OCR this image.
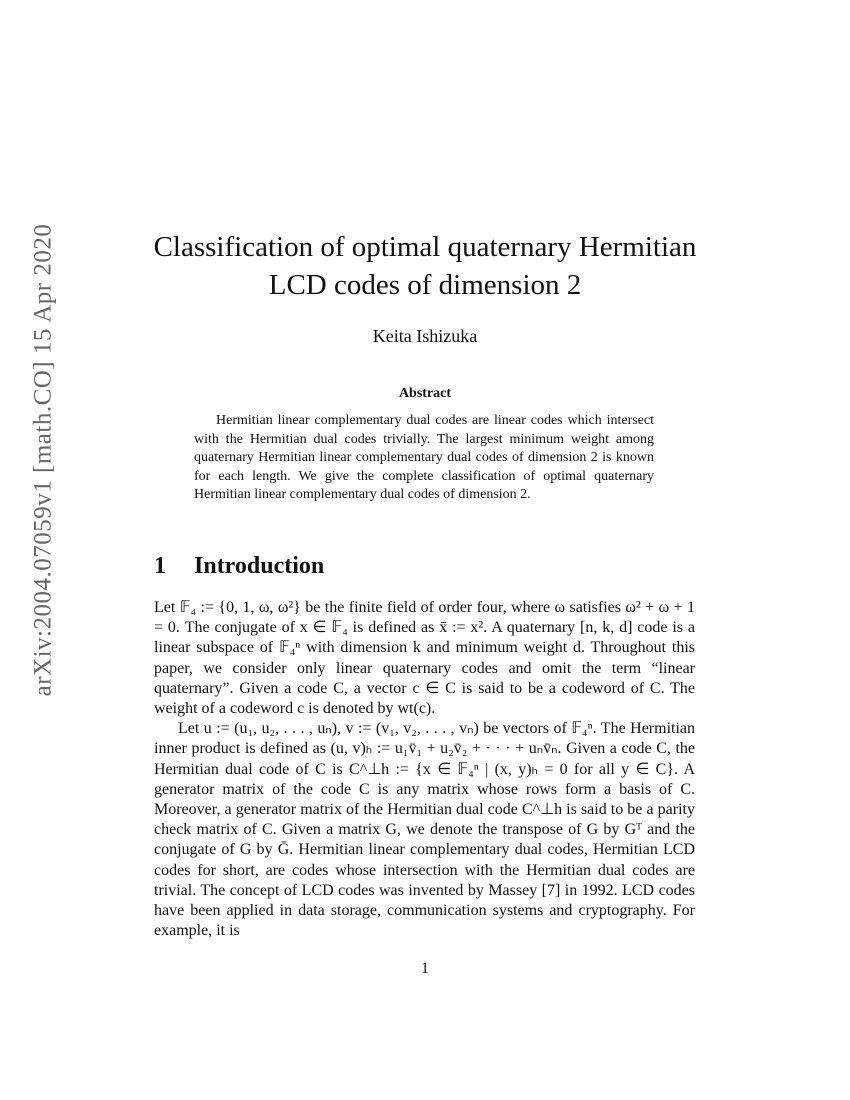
arXiv:2004.07059v1 [math.CO] 15 Apr 2020	Classification of optimal quaternary Hermitian
LCD codes of dimension 2
Keita Ishizuka
Abstract
Hermitian linear complementary dual codes are linear codes which intersect with the Hermitian dual codes trivially. The largest minimum weight among quaternary Hermitian linear complementary dual codes of dimension 2 is known for each length. We give the complete classification of optimal quaternary Hermitian linear complementary dual codes of dimension 2.
1 Introduction

Let 𝔽₄ := {0, 1, ω, ω²} be the finite field of order four, where ω satisfies ω² + ω + 1 = 0. The conjugate of x ∈ 𝔽₄ is defined as x̄ := x². A quaternary [n, k, d] code is a linear subspace of 𝔽₄ⁿ with dimension k and minimum weight d. Throughout this paper, we consider only linear quaternary codes and omit the term “linear quaternary”. Given a code C, a vector c ∈ C is said to be a codeword of C. The weight of a codeword c is denoted by wt(c).

Let u := (u₁, u₂, . . . , uₙ), v := (v₁, v₂, . . . , vₙ) be vectors of 𝔽₄ⁿ. The Hermitian inner product is defined as (u, v)ₕ := u₁v̄₁ + u₂v̄₂ + · · · + uₙv̄ₙ. Given a code C, the Hermitian dual code of C is C^⊥h := {x ∈ 𝔽₄ⁿ | (x, y)ₕ = 0 for all y ∈ C}. A generator matrix of the code C is any matrix whose rows form a basis of C. Moreover, a generator matrix of the Hermitian dual code C^⊥h is said to be a parity check matrix of C. Given a matrix G, we denote the transpose of G by Gᵀ and the conjugate of G by Ḡ. Hermitian linear complementary dual codes, Hermitian LCD codes for short, are codes whose intersection with the Hermitian dual codes are trivial. The concept of LCD codes was invented by Massey [7] in 1992. LCD codes have been applied in data storage, communication systems and cryptography. For example, it is

1
